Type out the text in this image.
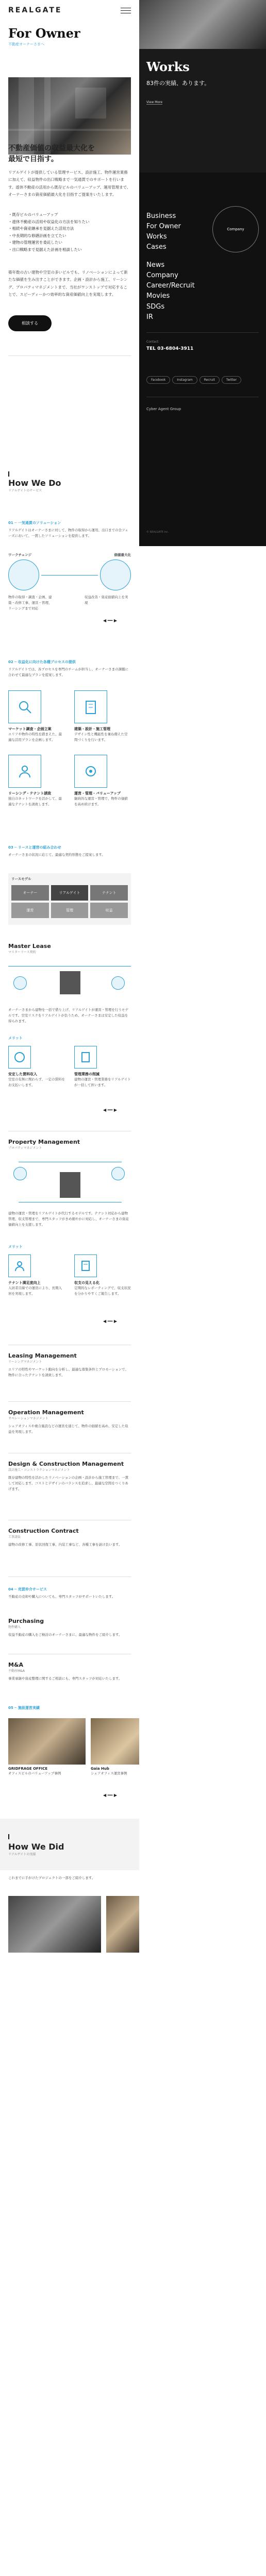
REALGATE
For Owner
不動産オーナーさまへ
不動産価値の収益最大化を
最短で目指す。
リアルゲイトが提供している管理サービス、設計施工、物件運営業務に加えて、収益物件の出口戦略まで一気通貫でのサポートを行います。遊休不動産の活用から既存ビルのバリューアップ、運用管理まで、オーナーさまの資産価値最大化を目指すご提案をいたします。
・既存ビルのバリューアップ
・遊休不動産の活用や収益化の方法を知りたい
・相続や資産継承を見据えた活用方法
・中長期的な修繕計画を立てたい
・建物の管理運営を委託したい
・出口戦略まで見据えた計画を相談したい
築年数の古い建物や空室の多いビルでも、リノベーションによって新たな価値を生み出すことができます。企画・設計から施工、リーシング、プロパティマネジメントまで、当社がワンストップで対応することで、スピーディーかつ効率的な資産価値向上を実現します。
相談する
How We Do
リアルゲイトのサービス
01 ─ 一気通貫のソリューション
リアルゲイトはオーナーさまに対して、物件の取得から運用、出口までの全フェーズにおいて、一貫したソリューションを提供します。
ワークチェンジ	価値最大化
物件の取得・調査・企画、建築・改修工事、運営・管理、リーシングまで対応
収益改善・資産価値向上を実現
◀ ━━ ▶
02 ─ 収益化に向けた各種プロセスの提供
リアルゲイトでは、各プロセスを専門のチームが担当し、オーナーさまの課題に合わせて最適なプランを提案します。
マーケット調査・企画立案
エリアや物件の特性を踏まえた、最適な活用プランを企画します。
建築・設計・施工管理
デザイン性と機能性を兼ね備えた空間づくりを行います。
リーシング・テナント誘致
独自のネットワークを活かして、最適なテナントを誘致します。
運営・管理・バリューアップ
継続的な運営・管理で、物件の価値を高め続けます。
03 ─ リースと運営の組み合わせ
オーナーさまの状況に応じて、最適な契約形態をご提案します。
リースモデル
オーナー	リアルゲイト	テナント
運営	管理	収益
Master Lease
マスターリース契約
オーナーさまから建物を一括で借り上げ、リアルゲイトが運営・管理を行うモデルです。空室リスクをリアルゲイトが負うため、オーナーさまは安定した収益を得られます。
メリット
安定した賃料収入
空室の有無に関わらず、一定の賃料をお支払いします。
管理業務の削減
建物の運営・管理業務をリアルゲイトが一括して担います。
◀ ━━ ▶
Property Management
プロパティマネジメント
建物の運営・管理をリアルゲイトが代行するモデルです。テナント対応から建物管理、収支管理まで、専門スタッフがきめ細やかに対応し、オーナーさまの資産価値向上を支援します。
メリット
テナント満足度向上
入居者目線での運営により、長期入居を実現します。
収支の見える化
定期的なレポーティングで、収支状況を分かりやすくご報告します。
◀ ━━ ▶
Leasing Management
リーシングマネジメント
エリアの特性やマーケット動向を分析し、最適な募集条件とプロモーションで、物件に合ったテナントを誘致します。
Operation Management
オペレーションマネジメント
シェアオフィスや複合施設などの運営を通じて、物件の価値を高め、安定した収益を実現します。
Design & Construction Management
設計施工・コンストラクションマネジメント
既存建物の特性を活かしたリノベーションの企画・設計から施工管理まで、一貫して対応します。コストとデザインのバランスを追求し、最適な空間をつくりあげます。
Construction Contract
工事請負
建物の改修工事、原状回復工事、内装工事など、各種工事を請け負います。
04 ─ 売買仲介サービス
不動産の売却や購入についても、専門スタッフがサポートいたします。
Purchasing
物件購入
収益不動産の購入をご検討のオーナーさまに、最適な物件をご紹介します。
M&A
不動産M&A
事業承継や資産整理に関するご相談にも、専門スタッフが対応いたします。
05 ─ 施設運営実績
GRIDFRAGE OFFICE
オフィスビルのバリューアップ事例
Gaia Hub
シェアオフィス運営事例
◀ ━━ ▶
How We Did
リアルゲイトの実績
これまでに手がけたプロジェクトの一部をご紹介します。
Works
83件の実績、あります。
View More
Business
For Owner
Works
Cases
Company
News
Company
Career/Recruit
Movies
SDGs
IR
Contact
TEL 03-6804-3911
Facebook	Instagram	Recruit	Twitter
Cyber Agent Group
© REALGATE Inc.
